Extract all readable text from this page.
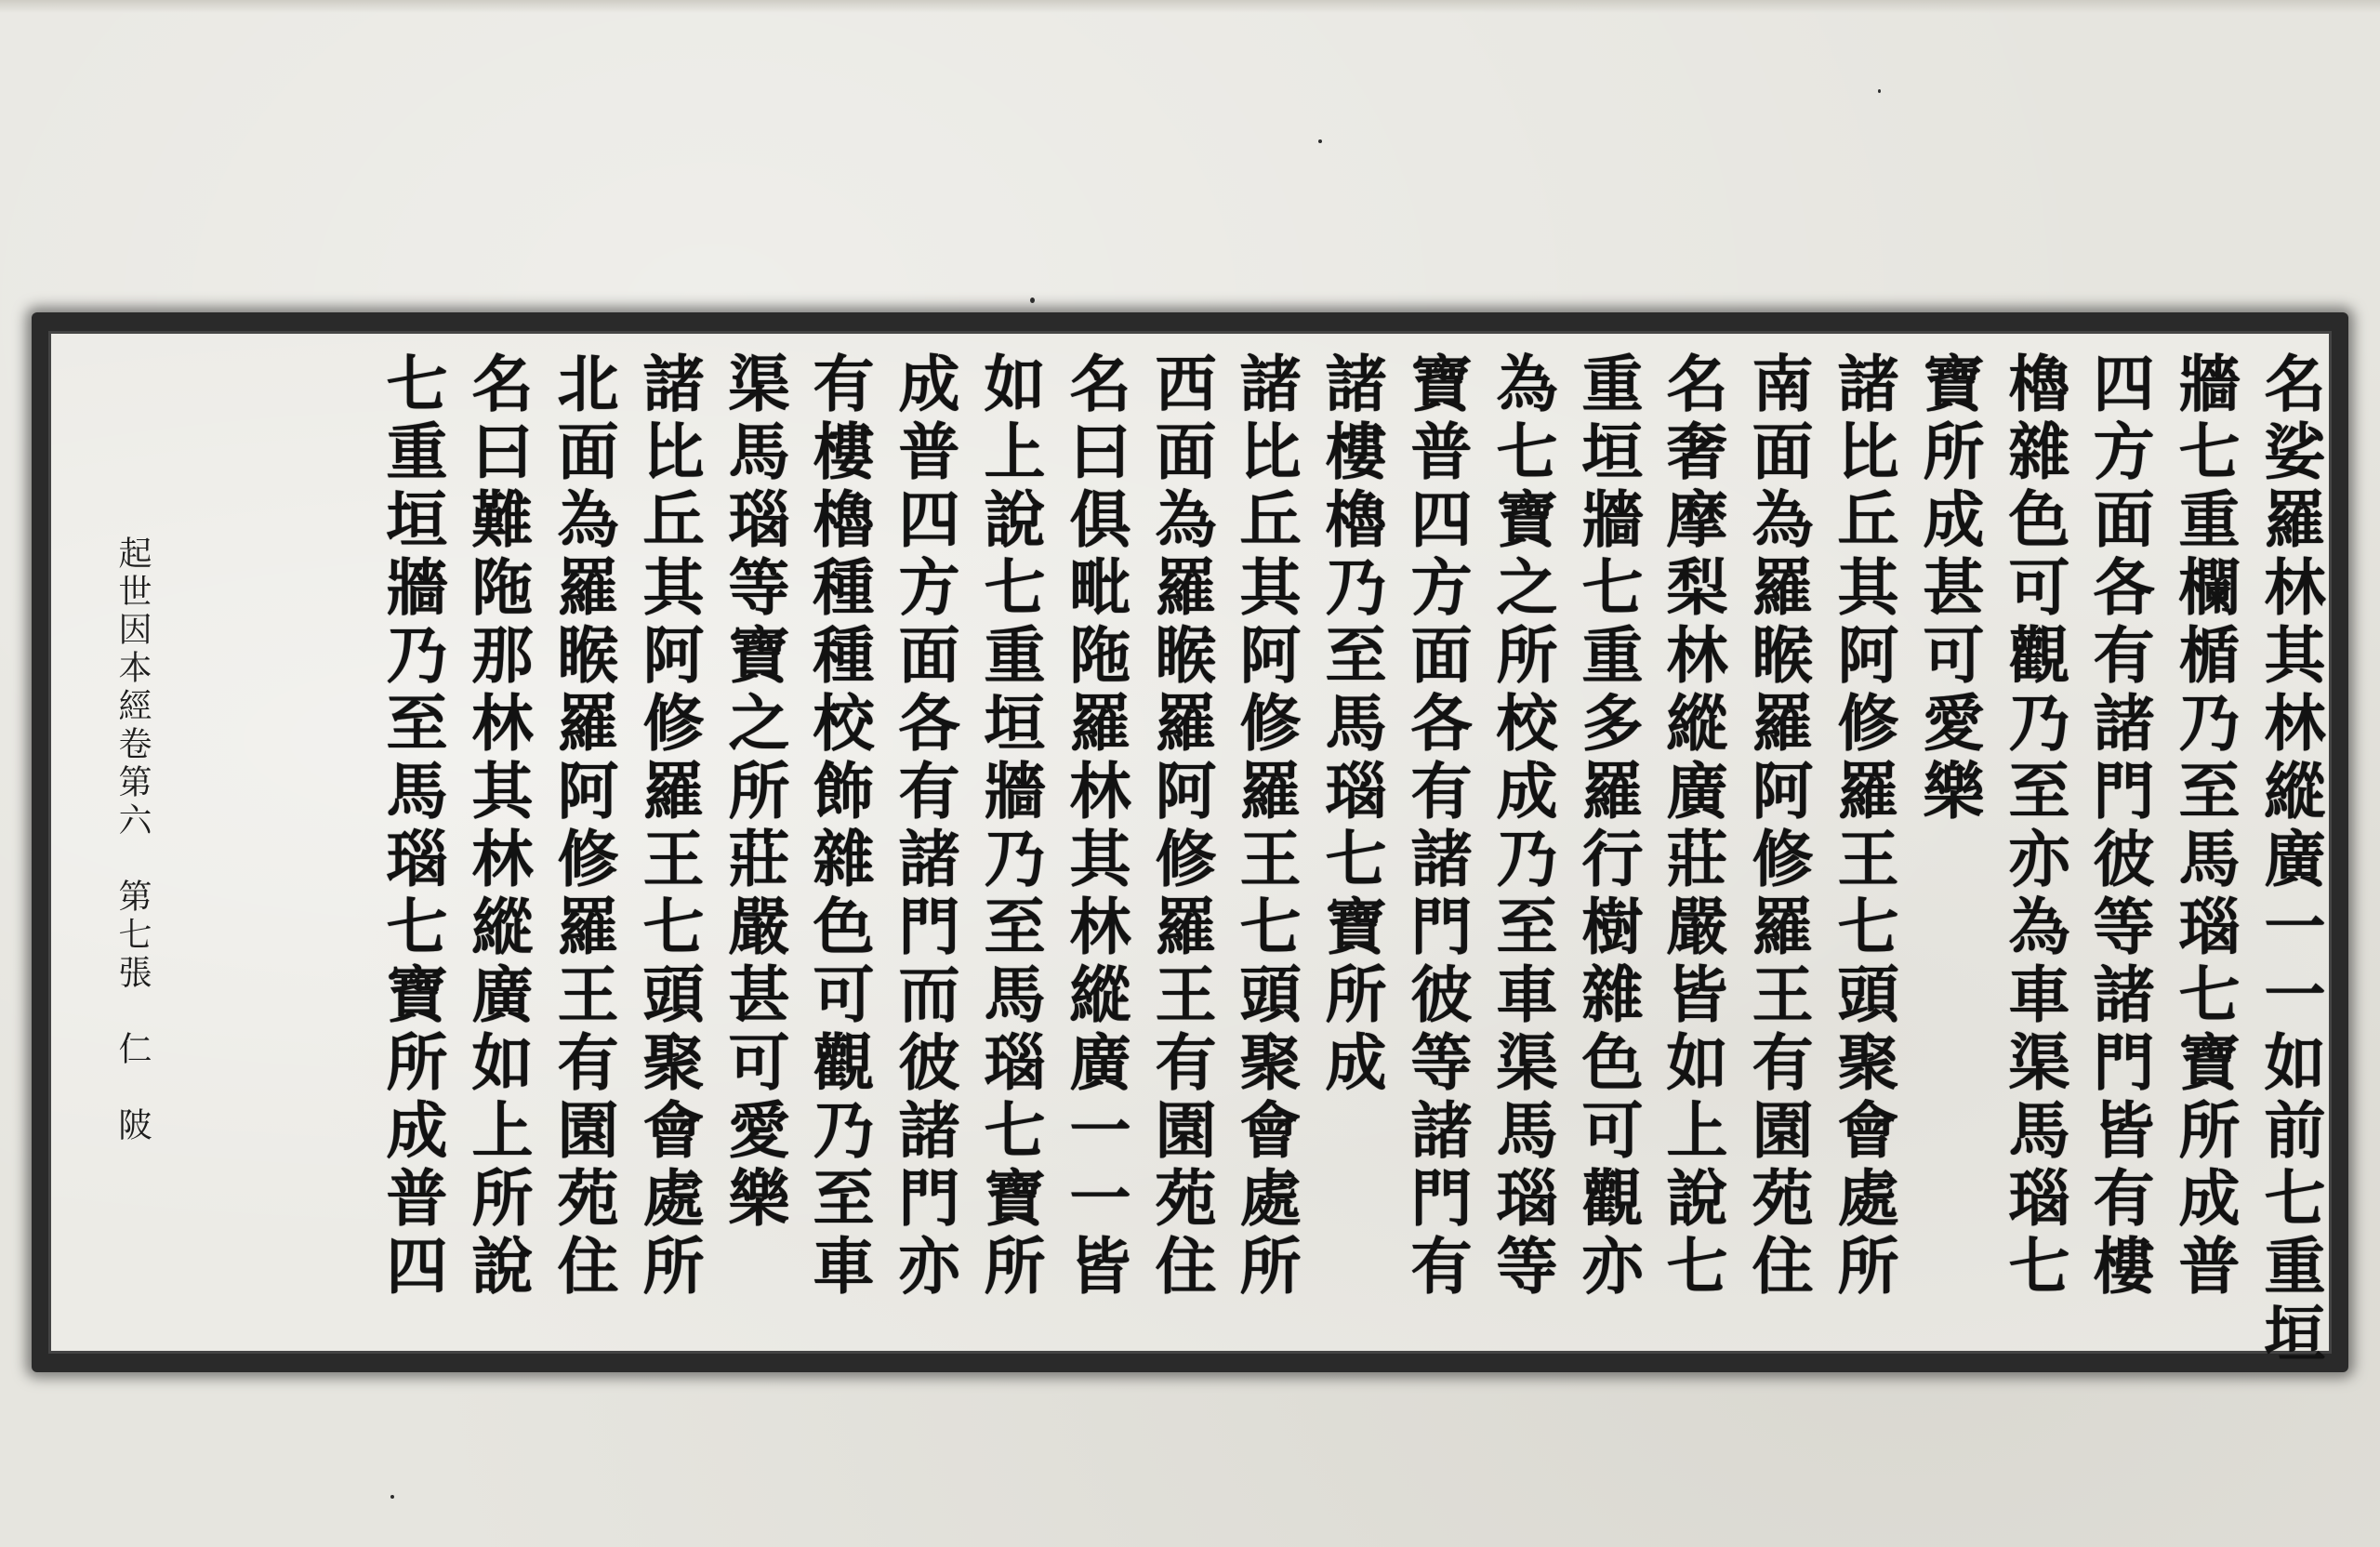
名娑羅林其林縱廣一一如前七重垣
牆七重欄楯乃至馬瑙七寶所成普
四方面各有諸門彼等諸門皆有樓
櫓雜色可觀乃至亦為車渠馬瑙七
寶所成甚可愛樂
諸比丘其阿修羅王七頭聚會處所
南面為羅睺羅阿修羅王有園苑住
名奢摩梨林縱廣莊嚴皆如上說七
重垣牆七重多羅行樹雜色可觀亦
為七寶之所校成乃至車渠馬瑙等
寶普四方面各有諸門彼等諸門有
諸樓櫓乃至馬瑙七寶所成
諸比丘其阿修羅王七頭聚會處所
西面為羅睺羅阿修羅王有園苑住
名曰俱毗陁羅林其林縱廣一一皆
如上說七重垣牆乃至馬瑙七寶所
成普四方面各有諸門而彼諸門亦
有樓櫓種種校飾雜色可觀乃至車
渠馬瑙等寶之所莊嚴甚可愛樂
諸比丘其阿修羅王七頭聚會處所
北面為羅睺羅阿修羅王有園苑住
名曰難陁那林其林縱廣如上所說
七重垣牆乃至馬瑙七寶所成普四
起世因本經卷第六　第七張　仁　陂
